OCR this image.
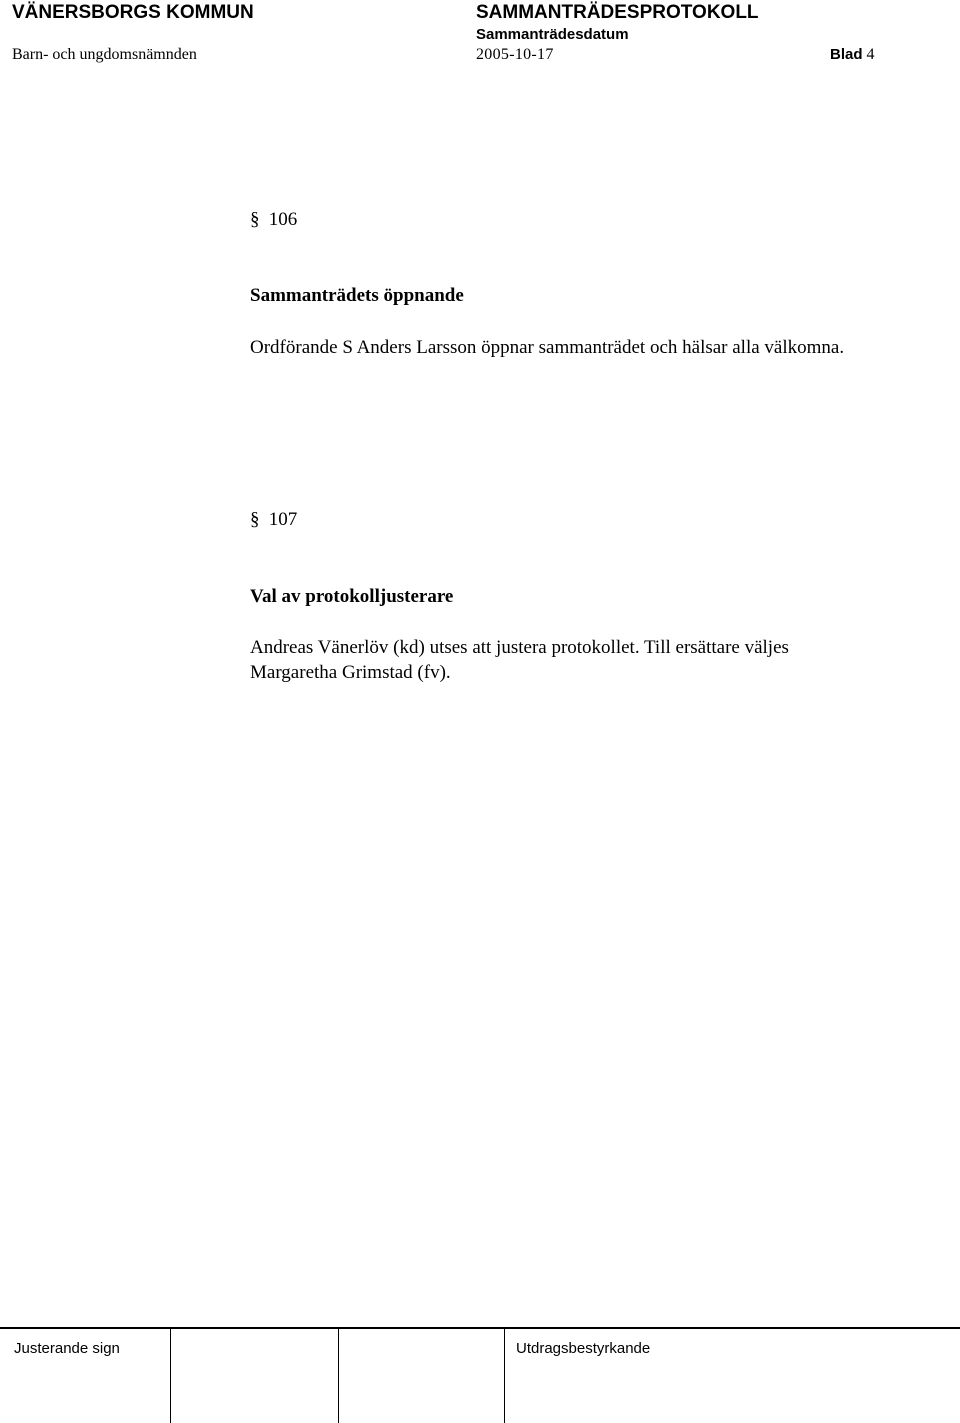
VÄNERSBORGS KOMMUN	SAMMANTRÄDESPROTOKOLL
Barn- och ungdomsnämnden
Sammanträdesdatum
2005-10-17	Blad 4
§ 106
Sammanträdets öppnande
Ordförande S Anders Larsson öppnar sammanträdet och hälsar alla välkomna.
§ 107
Val av protokolljusterare
Andreas Vänerlöv (kd) utses att justera protokollet. Till ersättare väljes
Margaretha Grimstad (fv).
Justerande sign	Utdragsbestyrkande
